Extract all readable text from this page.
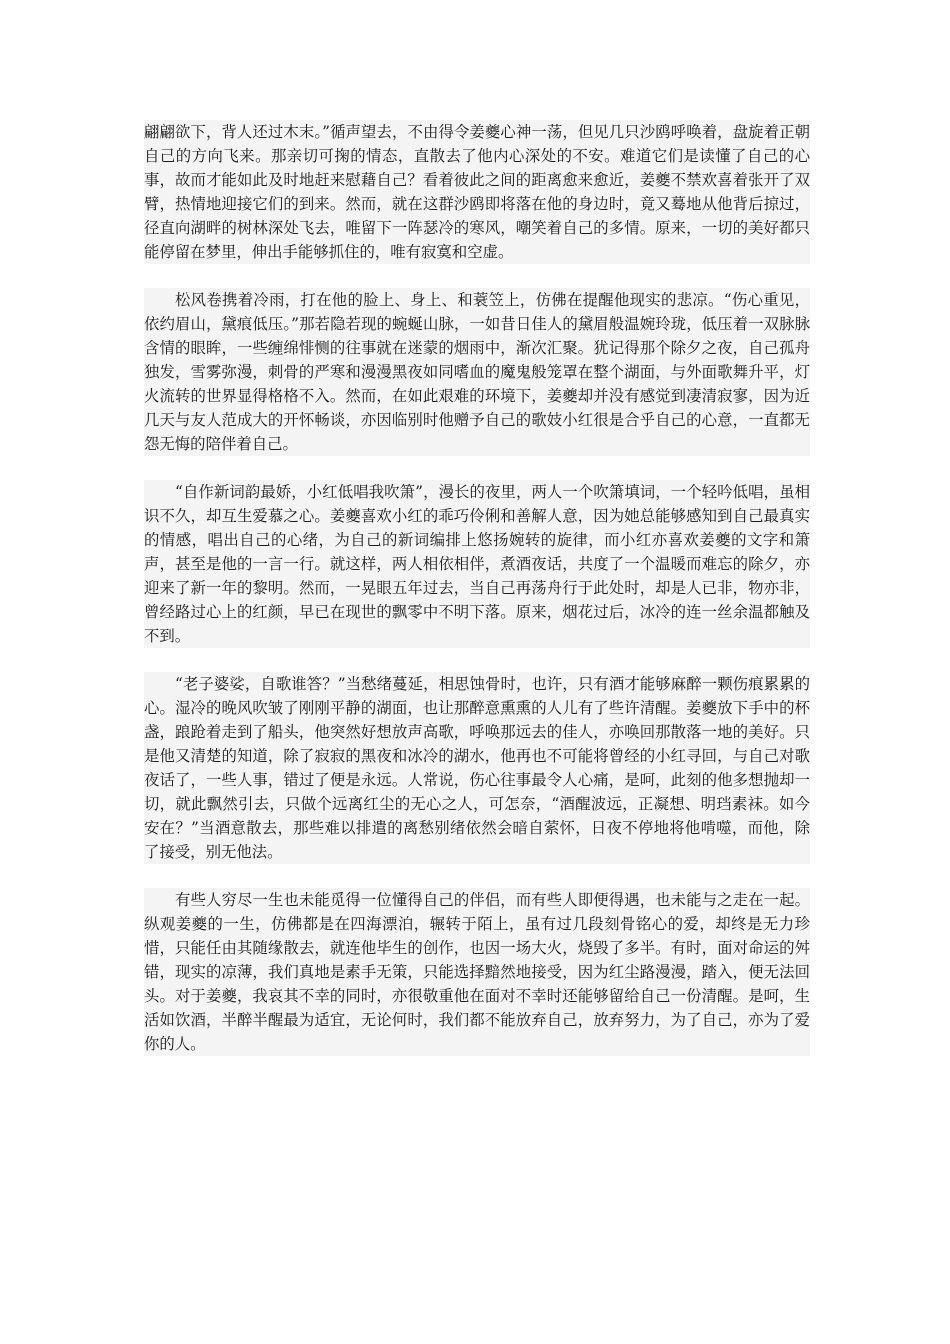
翩翩欲下，背人还过木末。”循声望去，不由得令姜夔心神一荡，但见几只沙鸥呼唤着，盘旋着正朝自己的方向飞来。那亲切可掬的情态，直散去了他内心深处的不安。难道它们是读懂了自己的心事，故而才能如此及时地赶来慰藉自己？看着彼此之间的距离愈来愈近，姜夔不禁欢喜着张开了双臂，热情地迎接它们的到来。然而，就在这群沙鸥即将落在他的身边时，竟又蓦地从他背后掠过，径直向湖畔的树林深处飞去，唯留下一阵瑟冷的寒风，嘲笑着自己的多情。原来，一切的美好都只能停留在梦里，伸出手能够抓住的，唯有寂寞和空虚。

松风卷携着冷雨，打在他的脸上、身上、和蓑笠上，仿佛在提醒他现实的悲凉。“伤心重见，依约眉山，黛痕低压。”那若隐若现的蜿蜒山脉，一如昔日佳人的黛眉般温婉玲珑，低压着一双脉脉含情的眼眸，一些缠绵悱恻的往事就在迷蒙的烟雨中，渐次汇聚。犹记得那个除夕之夜，自己孤舟独发，雪雾弥漫，刺骨的严寒和漫漫黑夜如同嗜血的魔鬼般笼罩在整个湖面，与外面歌舞升平，灯火流转的世界显得格格不入。然而，在如此艰难的环境下，姜夔却并没有感觉到凄清寂寥，因为近几天与友人范成大的开怀畅谈，亦因临别时他赠予自己的歌妓小红很是合乎自己的心意，一直都无怨无悔的陪伴着自己。

“自作新词韵最娇，小红低唱我吹箫”，漫长的夜里，两人一个吹箫填词，一个轻吟低唱，虽相识不久，却互生爱慕之心。姜夔喜欢小红的乖巧伶俐和善解人意，因为她总能够感知到自己最真实的情感，唱出自己的心绪，为自己的新词编排上悠扬婉转的旋律，而小红亦喜欢姜夔的文字和箫声，甚至是他的一言一行。就这样，两人相依相伴，煮酒夜话，共度了一个温暖而难忘的除夕，亦迎来了新一年的黎明。然而，一晃眼五年过去，当自己再荡舟行于此处时，却是人已非，物亦非，曾经路过心上的红颜，早已在现世的飘零中不明下落。原来，烟花过后，冰冷的连一丝余温都触及不到。

“老子婆娑，自歌谁答？”当愁绪蔓延，相思蚀骨时，也许，只有酒才能够麻醉一颗伤痕累累的心。湿冷的晚风吹皱了刚刚平静的湖面，也让那醉意熏熏的人儿有了些许清醒。姜夔放下手中的杯盏，踉跄着走到了船头，他突然好想放声高歌，呼唤那远去的佳人，亦唤回那散落一地的美好。只是他又清楚的知道，除了寂寂的黑夜和冰冷的湖水，他再也不可能将曾经的小红寻回，与自己对歌夜话了，一些人事，错过了便是永远。人常说，伤心往事最令人心痛，是呵，此刻的他多想抛却一切，就此飘然引去，只做个远离红尘的无心之人，可怎奈，“酒醒波远，正凝想、明珰素袜。如今安在？”当酒意散去，那些难以排遣的离愁别绪依然会暗自萦怀，日夜不停地将他啃噬，而他，除了接受，别无他法。

有些人穷尽一生也未能觅得一位懂得自己的伴侣，而有些人即便得遇，也未能与之走在一起。纵观姜夔的一生，仿佛都是在四海漂泊，辗转于陌上，虽有过几段刻骨铭心的爱，却终是无力珍惜，只能任由其随缘散去，就连他毕生的创作，也因一场大火，烧毁了多半。有时，面对命运的舛错，现实的凉薄，我们真地是素手无策，只能选择黯然地接受，因为红尘路漫漫，踏入，便无法回头。对于姜夔，我哀其不幸的同时，亦很敬重他在面对不幸时还能够留给自己一份清醒。是呵，生活如饮酒，半醉半醒最为适宜，无论何时，我们都不能放弃自己，放弃努力，为了自己，亦为了爱你的人。
